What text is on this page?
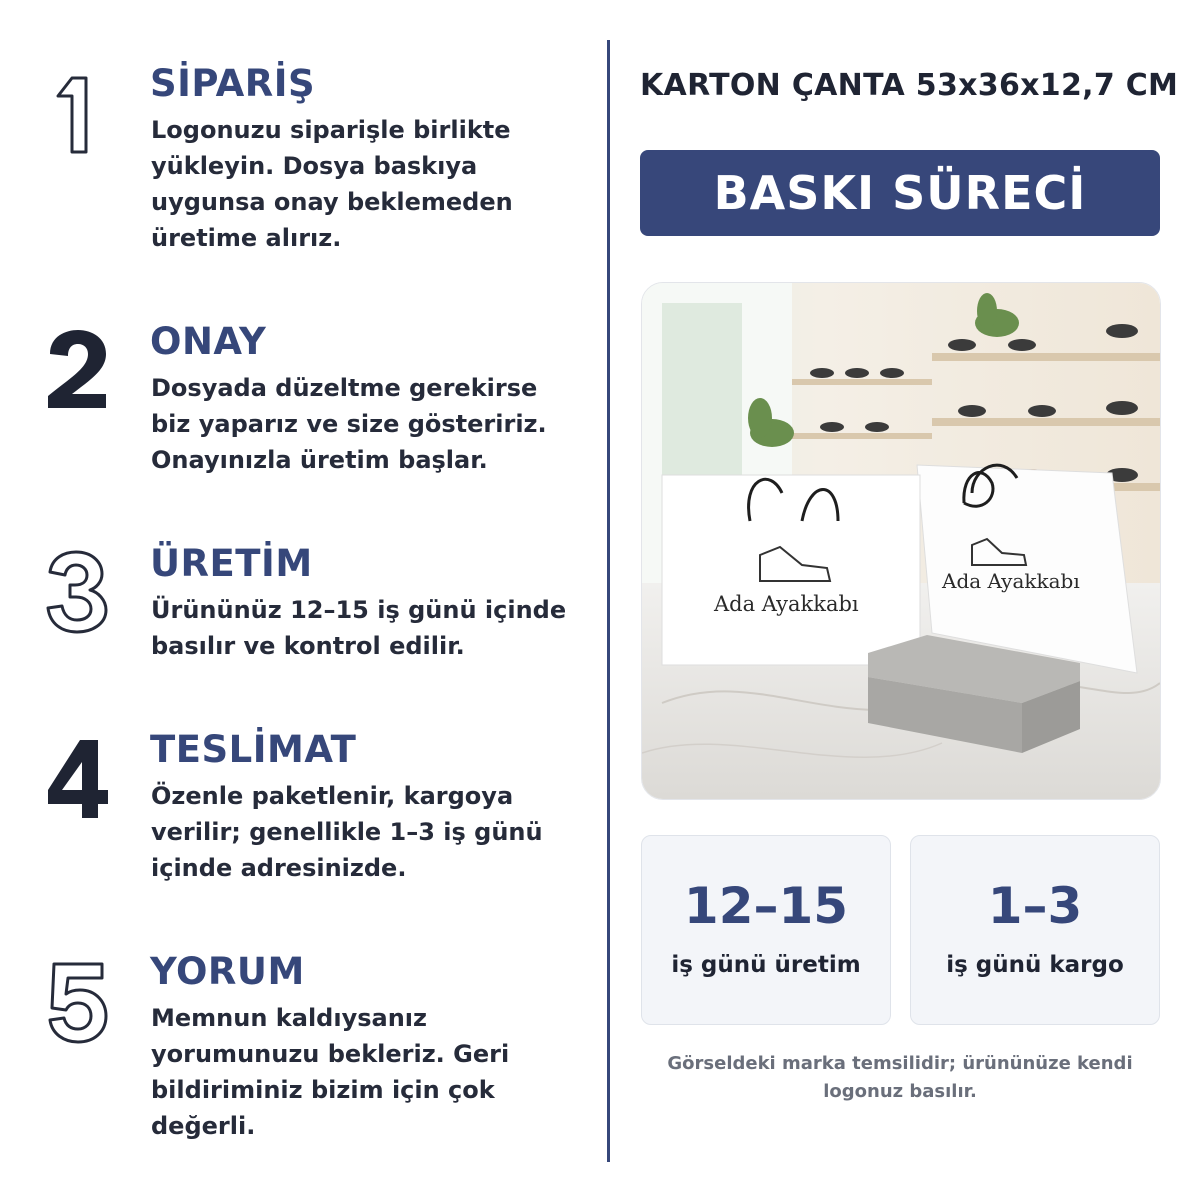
SİPARİŞ
Logonuzu siparişle birlikte yükleyin. Dosya baskıya uygunsa onay beklemeden üretime alırız.
ONAY
Dosyada düzeltme gerekirse biz yaparız ve size gösteririz. Onayınızla üretim başlar.
ÜRETİM
Ürününüz 12–15 iş günü içinde basılır ve kontrol edilir.
TESLİMAT
Özenle paketlenir, kargoya verilir; genellikle 1–3 iş günü içinde adresinizde.
YORUM
Memnun kaldıysanız yorumunuzu bekleriz. Geri bildiriminiz bizim için çok değerli.
KARTON ÇANTA 53x36x12,7 CM
BASKI SÜRECİ
Ada Ayakkabı
Ada Ayakkabı
12–15
iş günü üretim
1–3
iş günü kargo
Görseldeki marka temsilidir; ürününüze kendi logonuz basılır.
